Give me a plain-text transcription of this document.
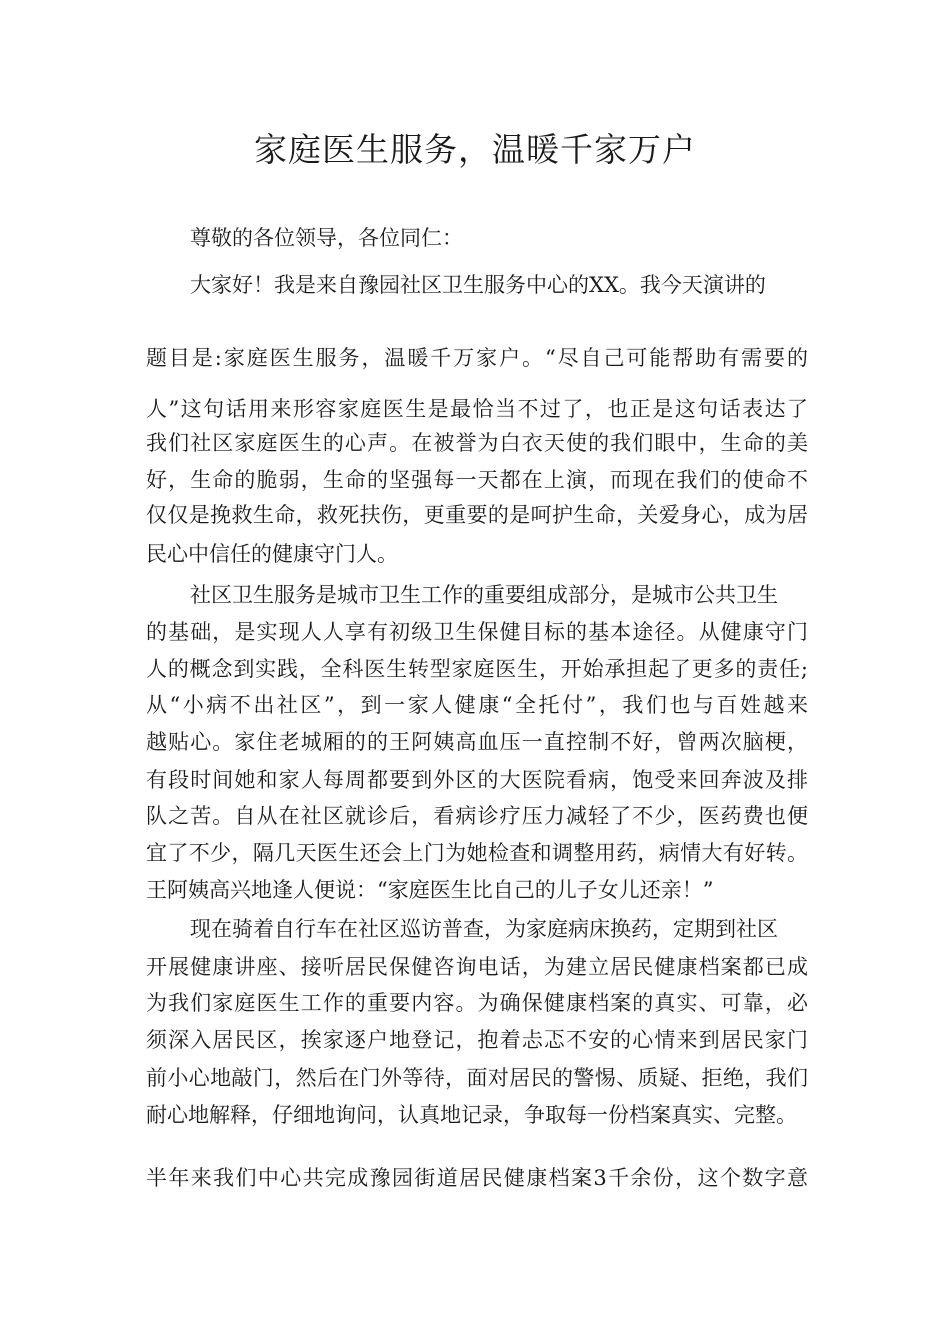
家庭医生服务，温暖千家万户
尊敬的各位领导，各位同仁：
大家好！我是来自豫园社区卫生服务中心的XX。我今天演讲的
题目是:家庭医生服务，温暖千万家户。“尽自己可能帮助有需要的
人”这句话用来形容家庭医生是最恰当不过了，也正是这句话表达了
我们社区家庭医生的心声。在被誉为白衣天使的我们眼中，生命的美
好，生命的脆弱，生命的坚强每一天都在上演，而现在我们的使命不
仅仅是挽救生命，救死扶伤，更重要的是呵护生命，关爱身心，成为居
民心中信任的健康守门人。
社区卫生服务是城市卫生工作的重要组成部分，是城市公共卫生
的基础，是实现人人享有初级卫生保健目标的基本途径。从健康守门
人的概念到实践，全科医生转型家庭医生，开始承担起了更多的责任;
从“小病不出社区”，到一家人健康“全托付”，我们也与百姓越来
越贴心。家住老城厢的的王阿姨高血压一直控制不好，曾两次脑梗，
有段时间她和家人每周都要到外区的大医院看病，饱受来回奔波及排
队之苦。自从在社区就诊后，看病诊疗压力减轻了不少，医药费也便
宜了不少，隔几天医生还会上门为她检查和调整用药，病情大有好转。
王阿姨高兴地逢人便说：“家庭医生比自己的儿子女儿还亲！”
现在骑着自行车在社区巡访普查，为家庭病床换药，定期到社区
开展健康讲座、接听居民保健咨询电话，为建立居民健康档案都已成
为我们家庭医生工作的重要内容。为确保健康档案的真实、可靠，必
须深入居民区，挨家逐户地登记，抱着忐忑不安的心情来到居民家门
前小心地敲门，然后在门外等待，面对居民的警惕、质疑、拒绝，我们
耐心地解释，仔细地询问，认真地记录，争取每一份档案真实、完整。
半年来我们中心共完成豫园街道居民健康档案3千余份，这个数字意
